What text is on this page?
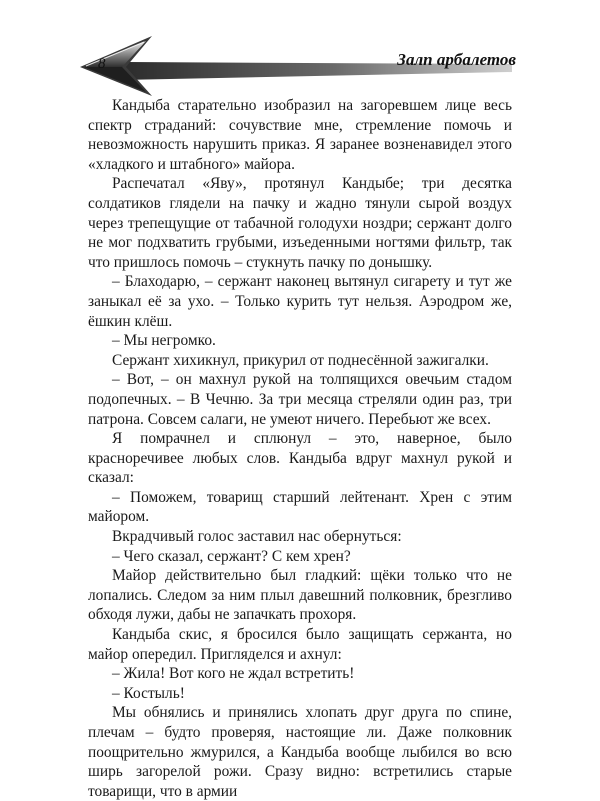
8	Залп арбалетов

Кандыба старательно изобразил на загоревшем лице весь спектр страданий: сочувствие мне, стремление помочь и невозможность нарушить приказ. Я заранее возненавидел этого «хладкого и штабного» майора.

Распечатал «Яву», протянул Кандыбе; три десятка солдатиков глядели на пачку и жадно тянули сырой воздух через трепещущие от табачной голодухи ноздри; сержант долго не мог подхватить грубыми, изъеденными ногтями фильтр, так что пришлось помочь – стукнуть пачку по донышку.

– Блаходарю, – сержант наконец вытянул сигарету и тут же заныкал её за ухо. – Только курить тут нельзя. Аэродром же, ёшкин клёш.

– Мы негромко.

Сержант хихикнул, прикурил от поднесённой зажигалки.

– Вот, – он махнул рукой на толпящихся овечьим стадом подопечных. – В Чечню. За три месяца стреляли один раз, три патрона. Совсем салаги, не умеют ничего. Перебьют же всех.

Я помрачнел и сплюнул – это, наверное, было красноречивее любых слов. Кандыба вдруг махнул рукой и сказал:

– Поможем, товарищ старший лейтенант. Хрен с этим майором.

Вкрадчивый голос заставил нас обернуться:

– Чего сказал, сержант? С кем хрен?

Майор действительно был гладкий: щёки только что не лопались. Следом за ним плыл давешний полковник, брезгливо обходя лужи, дабы не запачкать прохоря.

Кандыба скис, я бросился было защищать сержанта, но майор опередил. Пригляделся и ахнул:

– Жила! Вот кого не ждал встретить!

– Костыль!

Мы обнялись и принялись хлопать друг друга по спине, плечам – будто проверяя, настоящие ли. Даже полковник поощрительно жмурился, а Кандыба вообще лыбился во всю ширь загорелой рожи. Сразу видно: встретились старые товарищи, что в армии
